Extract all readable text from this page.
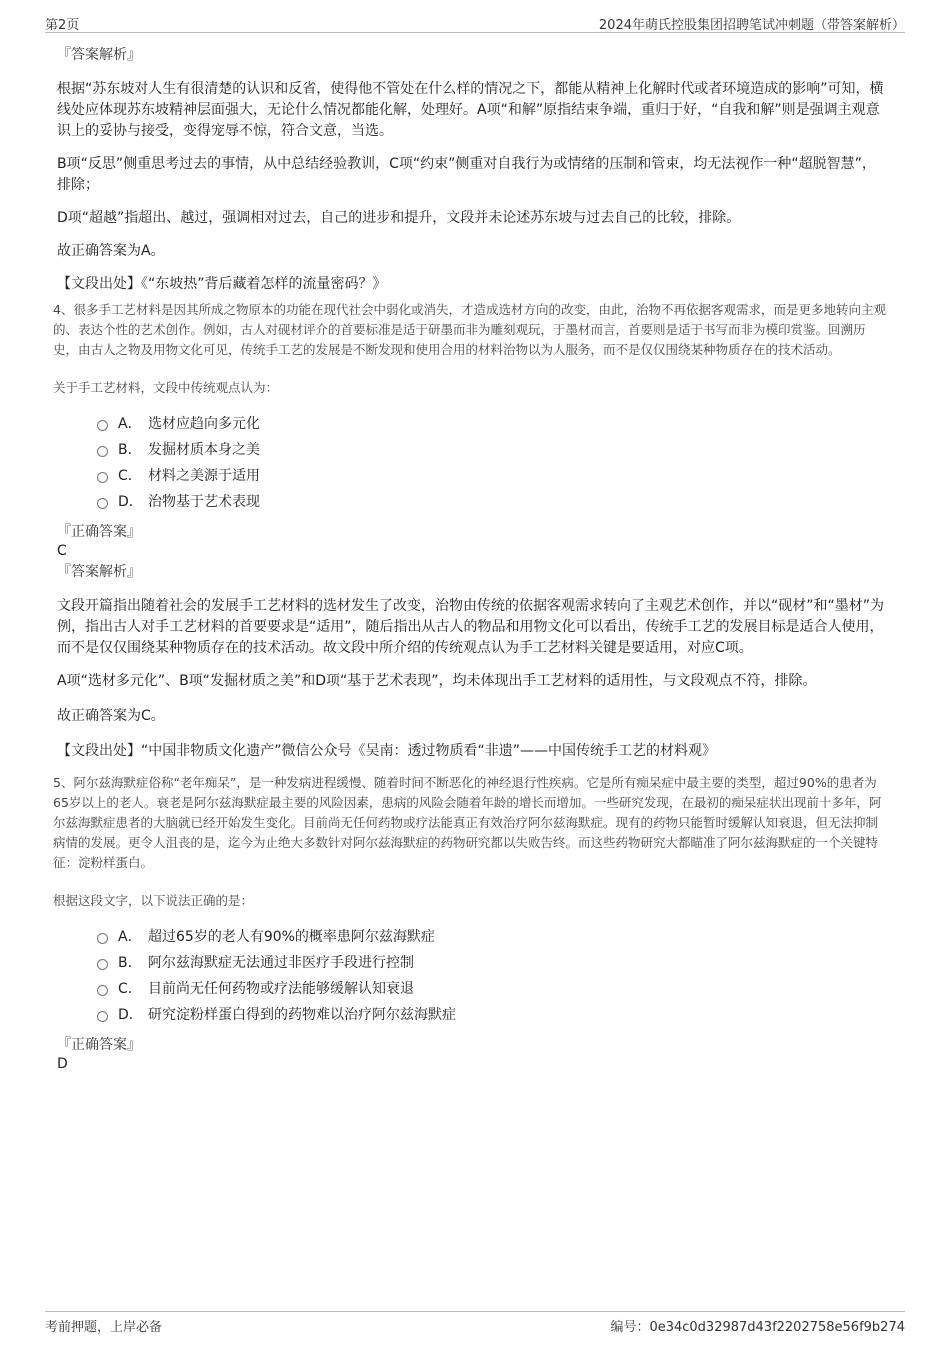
第2页	2024年萌氏控股集团招聘笔试冲刺题（带答案解析）

『答案解析』

根据“苏东坡对人生有很清楚的认识和反省，使得他不管处在什么样的情况之下，都能从精神上化解时代或者环境造成的影响”可知，横线处应体现苏东坡精神层面强大，无论什么情况都能化解，处理好。A项“和解”原指结束争端，重归于好，“自我和解”则是强调主观意识上的妥协与接受，变得宠辱不惊，符合文意，当选。

B项“反思”侧重思考过去的事情，从中总结经验教训，C项“约束”侧重对自我行为或情绪的压制和管束，均无法视作一种“超脱智慧”，排除；

D项“超越”指超出、越过，强调相对过去，自己的进步和提升，文段并未论述苏东坡与过去自己的比较，排除。

故正确答案为A。

【文段出处】《“东坡热”背后藏着怎样的流量密码？》

4、很多手工艺材料是因其所成之物原本的功能在现代社会中弱化或消失，才造成选材方向的改变，由此，治物不再依据客观需求，而是更多地转向主观的、表达个性的艺术创作。例如，古人对砚材评介的首要标准是适于研墨而非为雕刻观玩，于墨材而言，首要则是适于书写而非为模印赏鉴。回溯历史，由古人之物及用物文化可见，传统手工艺的发展是不断发现和使用合用的材料治物以为人服务，而不是仅仅围绕某种物质存在的技术活动。

关于手工艺材料，文段中传统观点认为：

A． 选材应趋向多元化
B． 发掘材质本身之美
C． 材料之美源于适用
D． 治物基于艺术表现

『正确答案』

C

『答案解析』

文段开篇指出随着社会的发展手工艺材料的选材发生了改变，治物由传统的依据客观需求转向了主观艺术创作，并以“砚材”和“墨材”为例，指出古人对手工艺材料的首要要求是“适用”，随后指出从古人的物品和用物文化可以看出，传统手工艺的发展目标是适合人使用，而不是仅仅围绕某种物质存在的技术活动。故文段中所介绍的传统观点认为手工艺材料关键是要适用，对应C项。

A项“选材多元化”、B项“发掘材质之美”和D项“基于艺术表现”，均未体现出手工艺材料的适用性，与文段观点不符，排除。

故正确答案为C。

【文段出处】“中国非物质文化遗产”微信公众号《吴南：透过物质看“非遗”——中国传统手工艺的材料观》

5、阿尔兹海默症俗称“老年痴呆”，是一种发病进程缓慢、随着时间不断恶化的神经退行性疾病。它是所有痴呆症中最主要的类型，超过90%的患者为65岁以上的老人。衰老是阿尔兹海默症最主要的风险因素，患病的风险会随着年龄的增长而增加。一些研究发现，在最初的痴呆症状出现前十多年，阿尔兹海默症患者的大脑就已经开始发生变化。目前尚无任何药物或疗法能真正有效治疗阿尔兹海默症。现有的药物只能暂时缓解认知衰退，但无法抑制病情的发展。更令人沮丧的是，迄今为止绝大多数针对阿尔兹海默症的药物研究都以失败告终。而这些药物研究大都瞄准了阿尔兹海默症的一个关键特征：淀粉样蛋白。

根据这段文字，以下说法正确的是：

A． 超过65岁的老人有90%的概率患阿尔兹海默症
B． 阿尔兹海默症无法通过非医疗手段进行控制
C． 目前尚无任何药物或疗法能够缓解认知衰退
D． 研究淀粉样蛋白得到的药物难以治疗阿尔兹海默症

『正确答案』

D

考前押题，上岸必备	编号：0e34c0d32987d43f2202758e56f9b274
